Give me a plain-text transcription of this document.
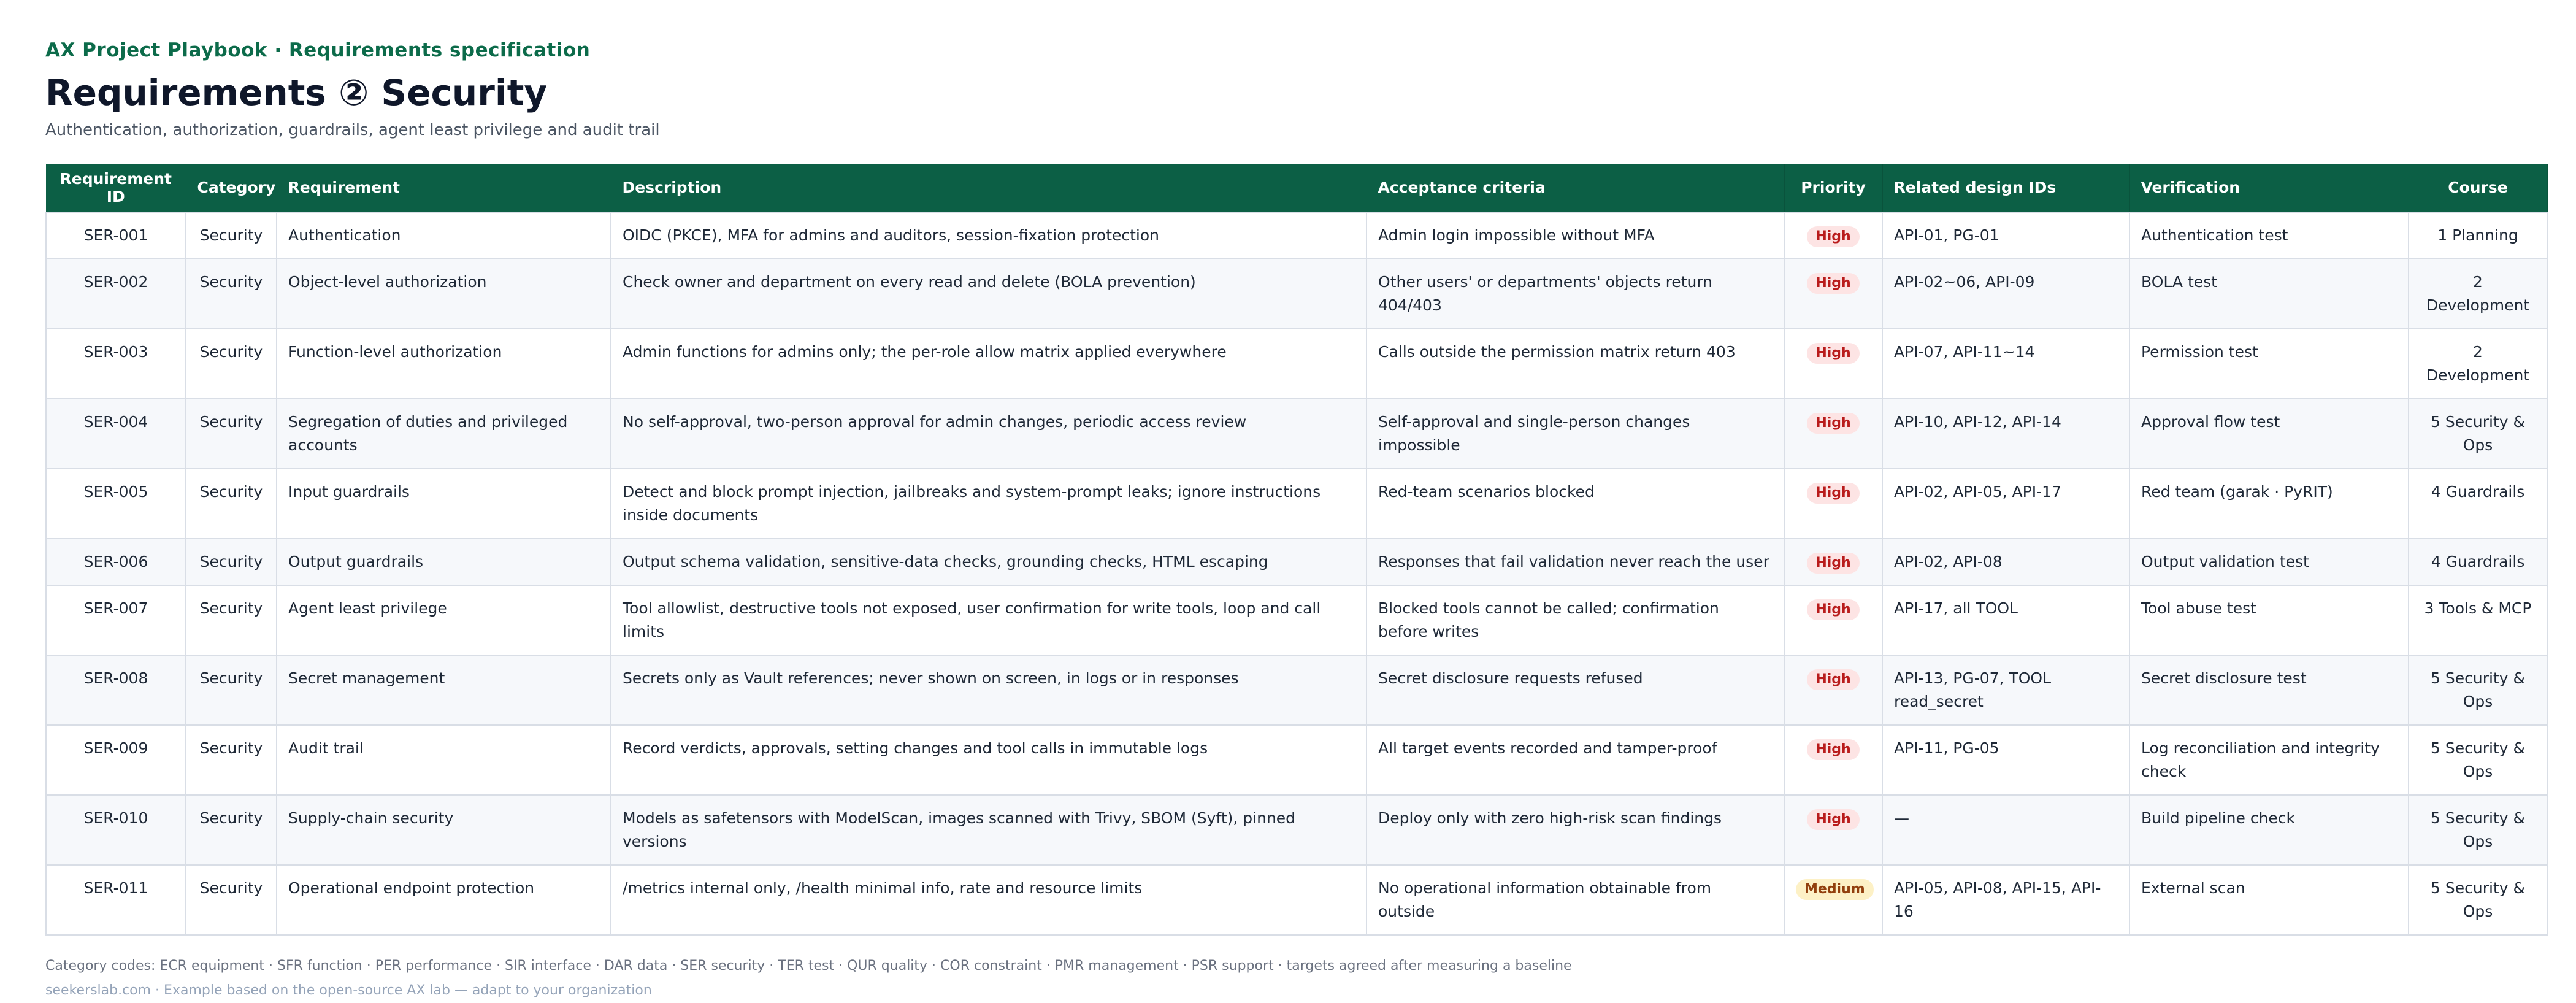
AX Project Playbook · Requirements specification
Requirements ② Security
Authentication, authorization, guardrails, agent least privilege and audit trail
Requirement ID	Category	Requirement	Description	Acceptance criteria	Priority	Related design IDs	Verification	Course
SER-001	Security	Authentication	OIDC (PKCE), MFA for admins and auditors, session-fixation protection	Admin login impossible without MFA	High	API-01, PG-01	Authentication test	1 Planning
SER-002	Security	Object-level authorization	Check owner and department on every read and delete (BOLA prevention)	Other users' or departments' objects return 404/403	High	API-02~06, API-09	BOLA test	2 Development
SER-003	Security	Function-level authorization	Admin functions for admins only; the per-role allow matrix applied everywhere	Calls outside the permission matrix return 403	High	API-07, API-11~14	Permission test	2 Development
SER-004	Security	Segregation of duties and privileged accounts	No self-approval, two-person approval for admin changes, periodic access review	Self-approval and single-person changes impossible	High	API-10, API-12, API-14	Approval flow test	5 Security & Ops
SER-005	Security	Input guardrails	Detect and block prompt injection, jailbreaks and system-prompt leaks; ignore instructions inside documents	Red-team scenarios blocked	High	API-02, API-05, API-17	Red team (garak · PyRIT)	4 Guardrails
SER-006	Security	Output guardrails	Output schema validation, sensitive-data checks, grounding checks, HTML escaping	Responses that fail validation never reach the user	High	API-02, API-08	Output validation test	4 Guardrails
SER-007	Security	Agent least privilege	Tool allowlist, destructive tools not exposed, user confirmation for write tools, loop and call limits	Blocked tools cannot be called; confirmation before writes	High	API-17, all TOOL	Tool abuse test	3 Tools & MCP
SER-008	Security	Secret management	Secrets only as Vault references; never shown on screen, in logs or in responses	Secret disclosure requests refused	High	API-13, PG-07, TOOL read_secret	Secret disclosure test	5 Security & Ops
SER-009	Security	Audit trail	Record verdicts, approvals, setting changes and tool calls in immutable logs	All target events recorded and tamper-proof	High	API-11, PG-05	Log reconciliation and integrity check	5 Security & Ops
SER-010	Security	Supply-chain security	Models as safetensors with ModelScan, images scanned with Trivy, SBOM (Syft), pinned versions	Deploy only with zero high-risk scan findings	High	—	Build pipeline check	5 Security & Ops
SER-011	Security	Operational endpoint protection	/metrics internal only, /health minimal info, rate and resource limits	No operational information obtainable from outside	Medium	API-05, API-08, API-15, API-16	External scan	5 Security & Ops
Category codes: ECR equipment · SFR function · PER performance · SIR interface · DAR data · SER security · TER test · QUR quality · COR constraint · PMR management · PSR support · targets agreed after measuring a baseline
seekerslab.com · Example based on the open-source AX lab — adapt to your organization
